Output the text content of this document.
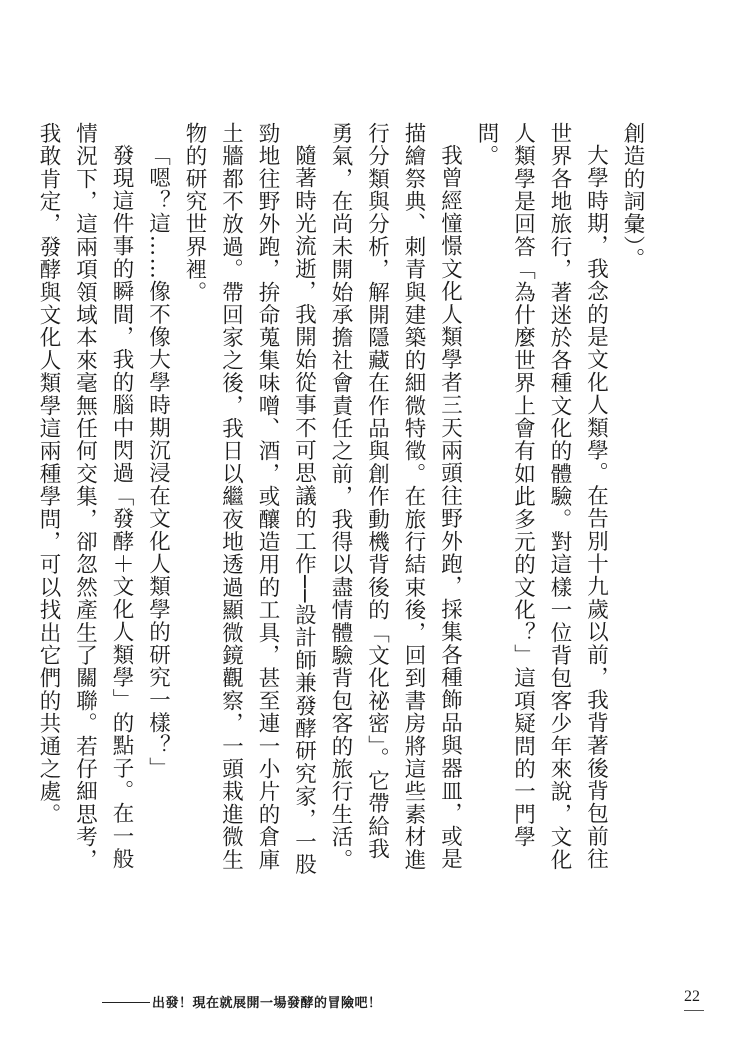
創造的詞彙）。

大學時期，我念的是文化人類學。在告別十九歲以前，我背著後背包前往世界各地旅行，著迷於各種文化的體驗。對這樣一位背包客少年來說，文化人類學是回答「為什麼世界上會有如此多元的文化？」這項疑問的一門學問。

我曾經憧憬文化人類學者三天兩頭往野外跑，採集各種飾品與器皿，或是描繪祭典、刺青與建築的細微特徵。在旅行結束後，回到書房將這些素材進行分類與分析，解開隱藏在作品與創作動機背後的「文化祕密」。它帶給我勇氣，在尚未開始承擔社會責任之前，我得以盡情體驗背包客的旅行生活。

隨著時光流逝，我開始從事不可思議的工作──設計師兼發酵研究家，一股勁地往野外跑，拚命蒐集味噌、酒，或釀造用的工具，甚至連一小片的倉庫土牆都不放過。帶回家之後，我日以繼夜地透過顯微鏡觀察，一頭栽進微生物的研究世界裡。

「嗯？這……像不像大學時期沉浸在文化人類學的研究一樣？」

發現這件事的瞬間，我的腦中閃過「發酵＋文化人類學」的點子。在一般情況下，這兩項領域本來毫無任何交集，卻忽然產生了關聯。若仔細思考，我敢肯定，發酵與文化人類學這兩種學問，可以找出它們的共通之處。

出發！現在就展開一場發酵的冒險吧！	22
